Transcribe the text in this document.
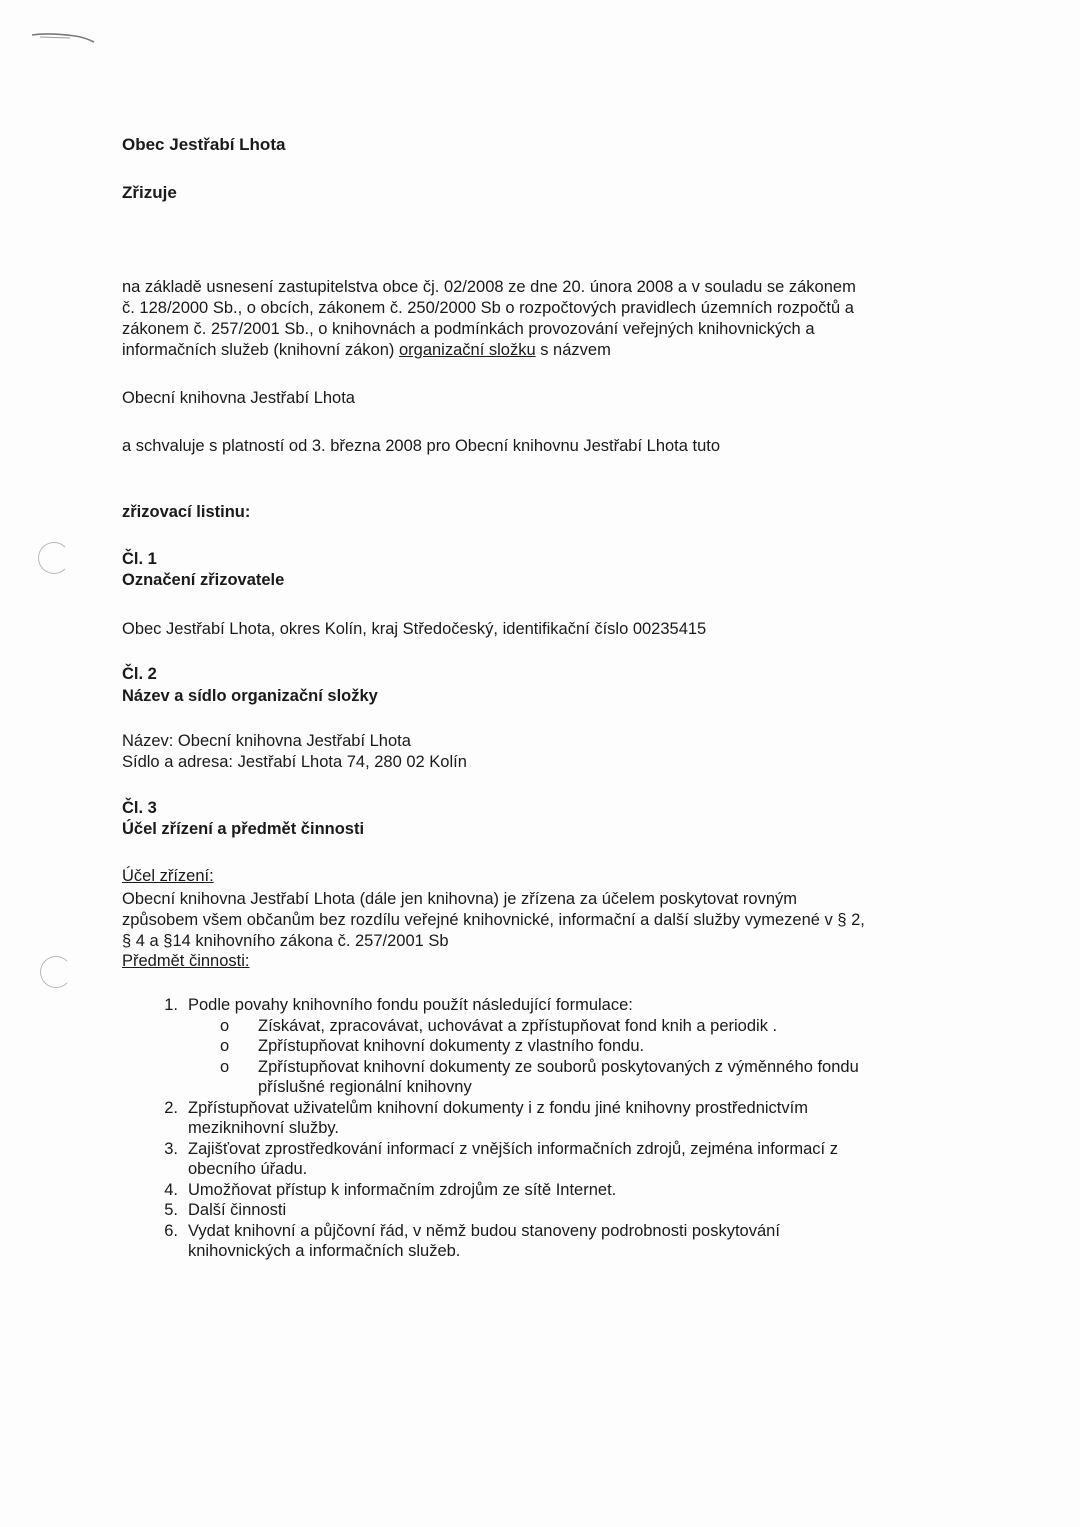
Obec Jestřabí Lhota
Zřizuje
na základě usnesení zastupitelstva obce čj. 02/2008 ze dne 20. února 2008 a v souladu se zákonem
č. 128/2000 Sb., o obcích, zákonem č. 250/2000 Sb o rozpočtových pravidlech územních rozpočtů a
zákonem č. 257/2001 Sb., o knihovnách a podmínkách provozování veřejných knihovnických a
informačních služeb (knihovní zákon) organizační složku s názvem
Obecní knihovna Jestřabí Lhota
a schvaluje s platností od 3. března 2008 pro Obecní knihovnu Jestřabí Lhota tuto
zřizovací listinu:
Čl. 1
Označení zřizovatele
Obec Jestřabí Lhota, okres Kolín, kraj Středočeský, identifikační číslo 00235415
Čl. 2
Název a sídlo organizační složky
Název: Obecní knihovna Jestřabí Lhota
Sídlo a adresa: Jestřabí Lhota 74, 280 02 Kolín
Čl. 3
Účel zřízení a předmět činnosti
Účel zřízení:
Obecní knihovna Jestřabí Lhota (dále jen knihovna) je zřízena za účelem poskytovat rovným
způsobem všem občanům bez rozdílu veřejné knihovnické, informační a další služby vymezené v § 2,
§ 4 a §14 knihovního zákona č. 257/2001 Sb
Předmět činnosti:
1. Podle povahy knihovního fondu použít následující formulace:
o Získávat, zpracovávat, uchovávat a zpřístupňovat fond knih a periodik .
o Zpřístupňovat knihovní dokumenty z vlastního fondu.
o Zpřístupňovat knihovní dokumenty ze souborů poskytovaných z výměnného fondu příslušné regionální knihovny
2. Zpřístupňovat uživatelům knihovní dokumenty i z fondu jiné knihovny prostřednictvím meziknihovní služby.
3. Zajišťovat zprostředkování informací z vnějších informačních zdrojů, zejména informací z obecního úřadu.
4. Umožňovat přístup k informačním zdrojům ze sítě Internet.
5. Další činnosti
6. Vydat knihovní a půjčovní řád, v němž budou stanoveny podrobnosti poskytování knihovnických a informačních služeb.
